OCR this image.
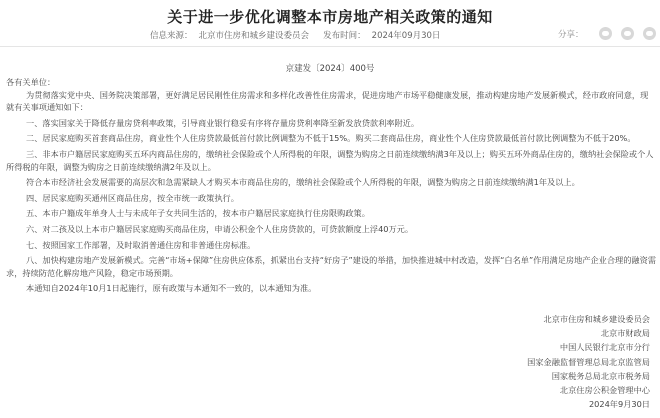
关于进一步优化调整本市房地产相关政策的通知
信息来源： 北京市住房和城乡建设委员会 发布时间： 2024年09月30日	分享：
京建发〔2024〕400号

各有关单位：

为贯彻落实党中央、国务院决策部署，更好满足居民刚性住房需求和多样化改善性住房需求，促进房地产市场平稳健康发展，推动构建房地产发展新模式，经市政府同意，现就有关事项通知如下：

一、落实国家关于降低存量房贷利率政策，引导商业银行稳妥有序将存量房贷利率降至新发放贷款利率附近。

二、居民家庭购买首套商品住房，商业性个人住房贷款最低首付款比例调整为不低于15%。购买二套商品住房，商业性个人住房贷款最低首付款比例调整为不低于20%。

三、非本市户籍居民家庭购买五环内商品住房的，缴纳社会保险或个人所得税的年限，调整为购房之日前连续缴纳满3年及以上；购买五环外商品住房的，缴纳社会保险或个人所得税的年限，调整为购房之日前连续缴纳满2年及以上。

符合本市经济社会发展需要的高层次和急需紧缺人才购买本市商品住房的，缴纳社会保险或个人所得税的年限，调整为购房之日前连续缴纳满1年及以上。

四、居民家庭购买通州区商品住房，按全市统一政策执行。

五、本市户籍成年单身人士与未成年子女共同生活的，按本市户籍居民家庭执行住房限购政策。

六、对二孩及以上本市户籍居民家庭购买商品住房，申请公积金个人住房贷款的，可贷款额度上浮40万元。

七、按照国家工作部署，及时取消普通住房和非普通住房标准。

八、加快构建房地产发展新模式。完善“市场+保障”住房供应体系，抓紧出台支持“好房子”建设的举措，加快推进城中村改造，发挥“白名单”作用满足房地产企业合理的融资需求，持续防范化解房地产风险，稳定市场预期。

本通知自2024年10月1日起施行，原有政策与本通知不一致的，以本通知为准。

北京市住房和城乡建设委员会
北京市财政局
中国人民银行北京市分行
国家金融监督管理总局北京监管局
国家税务总局北京市税务局
北京住房公积金管理中心
2024年9月30日
